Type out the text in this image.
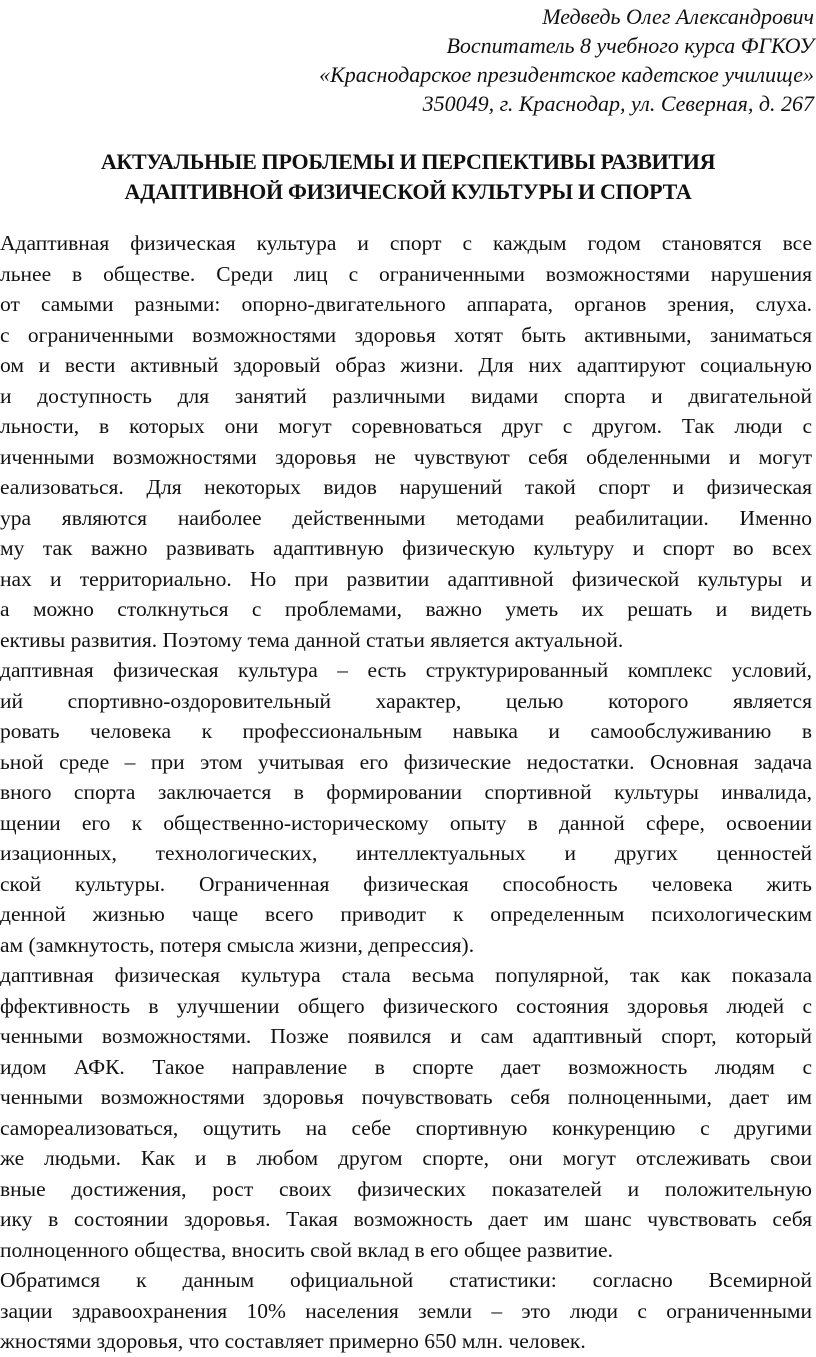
Медведь Олег Александрович
Воспитатель 8 учебного курса ФГКОУ
«Краснодарское президентское кадетское училище»
350049, г. Краснодар, ул. Северная, д. 267
АКТУАЛЬНЫЕ ПРОБЛЕМЫ И ПЕРСПЕКТИВЫ РАЗВИТИЯ
АДАПТИВНОЙ ФИЗИЧЕСКОЙ КУЛЬТУРЫ И СПОРТА
Адаптивная физическая культура и спорт с каждым годом становятся все
льнее в обществе. Среди лиц с ограниченными возможностями нарушения
от самыми разными: опорно-двигательного аппарата, органов зрения, слуха.
с ограниченными возможностями здоровья хотят быть активными, заниматься
ом и вести активный здоровый образ жизни. Для них адаптируют социальную
и доступность для занятий различными видами спорта и двигательной
льности, в которых они могут соревноваться друг с другом. Так люди с
иченными возможностями здоровья не чувствуют себя обделенными и могут
еализоваться. Для некоторых видов нарушений такой спорт и физическая
ура являются наиболее действенными методами реабилитации. Именно
му так важно развивать адаптивную физическую культуру и спорт во всех
нах и территориально. Но при развитии адаптивной физической культуры и
а можно столкнуться с проблемами, важно уметь их решать и видеть
ективы развития. Поэтому тема данной статьи является актуальной.
даптивная физическая культура – есть структурированный комплекс условий,
ий спортивно-оздоровительный характер, целью которого является
ровать человека к профессиональным навыка и самообслуживанию в
ьной среде – при этом учитывая его физические недостатки. Основная задача
вного спорта заключается в формировании спортивной культуры инвалида,
щении его к общественно-историческому опыту в данной сфере, освоении
изационных, технологических, интеллектуальных и других ценностей
ской культуры. Ограниченная физическая способность человека жить
денной жизнью чаще всего приводит к определенным психологическим
ам (замкнутость, потеря смысла жизни, депрессия).
даптивная физическая культура стала весьма популярной, так как показала
ффективность в улучшении общего физического состояния здоровья людей с
ченными возможностями. Позже появился и сам адаптивный спорт, который
идом АФК. Такое направление в спорте дает возможность людям с
ченными возможностями здоровья почувствовать себя полноценными, дает им
самореализоваться, ощутить на себе спортивную конкуренцию с другими
же людьми. Как и в любом другом спорте, они могут отслеживать свои
вные достижения, рост своих физических показателей и положительную
ику в состоянии здоровья. Такая возможность дает им шанс чувствовать себя
полноценного общества, вносить свой вклад в его общее развитие.
Обратимся к данным официальной статистики: согласно Всемирной
зации здравоохранения 10% населения земли – это люди с ограниченными
жностями здоровья, что составляет примерно 650 млн. человек.
